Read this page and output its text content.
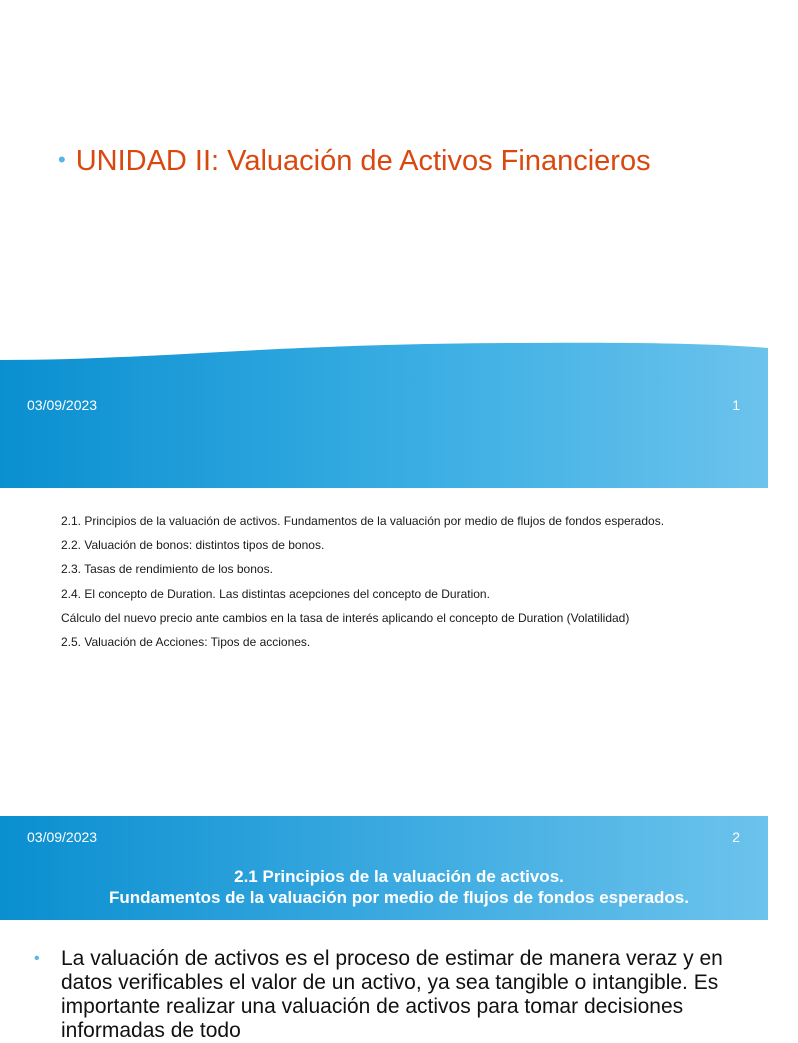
• UNIDAD II: Valuación de Activos Financieros
03/09/2023	1
2.1. Principios de la valuación de activos. Fundamentos de la valuación por medio de flujos de fondos esperados.
2.2. Valuación de bonos: distintos tipos de bonos.
2.3. Tasas de rendimiento de los bonos.
2.4. El concepto de Duration. Las distintas acepciones del concepto de Duration.
Cálculo del nuevo precio ante cambios en la tasa de interés aplicando el concepto de Duration (Volatilidad)
2.5. Valuación de Acciones: Tipos de acciones.
03/09/2023	2
2.1 Principios de la valuación de activos.
Fundamentos de la valuación por medio de flujos de fondos esperados.
• La valuación de activos es el proceso de estimar de manera veraz y en datos verificables el valor de un activo, ya sea tangible o intangible. Es importante realizar una valuación de activos para tomar decisiones informadas de todo
